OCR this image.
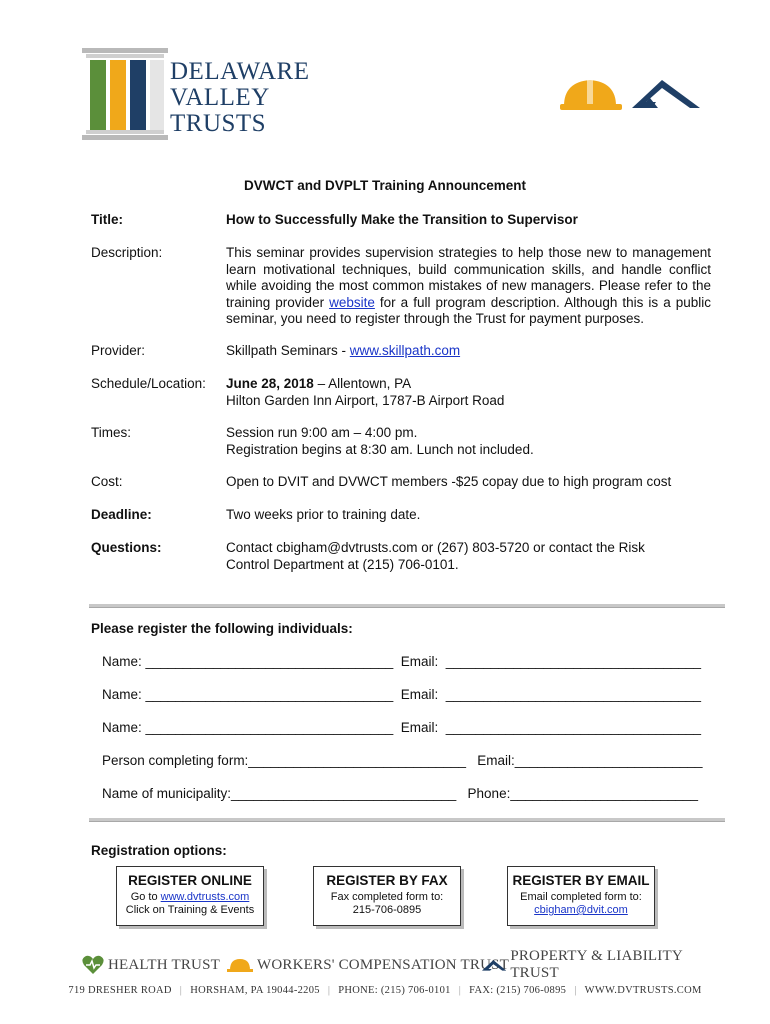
DELAWARE
VALLEY
TRUSTS
DVWCT and DVPLT Training Announcement
Title:	How to Successfully Make the Transition to Supervisor
Description:	This seminar provides supervision strategies to help those new to management learn motivational techniques, build communication skills, and handle conflict while avoiding the most common mistakes of new managers. Please refer to the training provider website for a full program description. Although this is a public seminar, you need to register through the Trust for payment purposes.
Provider:	Skillpath Seminars - www.skillpath.com
Schedule/Location:	June 28, 2018 – Allentown, PA
Hilton Garden Inn Airport, 1787-B Airport Road
Times:	Session run 9:00 am – 4:00 pm.
Registration begins at 8:30 am. Lunch not included.
Cost:	Open to DVIT and DVWCT members -$25 copay due to high program cost
Deadline:	Two weeks prior to training date.
Questions:	Contact cbigham@dvtrusts.com or (267) 803-5720 or contact the Risk
Control Department at (215) 706-0101.
Please register the following individuals:
Name: _________________________________  Email:  __________________________________
Name: _________________________________  Email:  __________________________________
Name: _________________________________  Email:  __________________________________
Person completing form:_____________________________   Email:_________________________
Name of municipality:______________________________   Phone:_________________________
Registration options:
REGISTER ONLINE
Go to www.dvtrusts.com
Click on Training & Events
REGISTER BY FAX
Fax completed form to:
215-706-0895
REGISTER BY EMAIL
Email completed form to:
cbigham@dvit.com
HEALTH TRUST WORKERS' COMPENSATION TRUST
PROPERTY & LIABILITY TRUST
719 DRESHER ROAD | HORSHAM, PA 19044-2205 | PHONE: (215) 706-0101 | FAX: (215) 706-0895 | WWW.DVTRUSTS.COM
